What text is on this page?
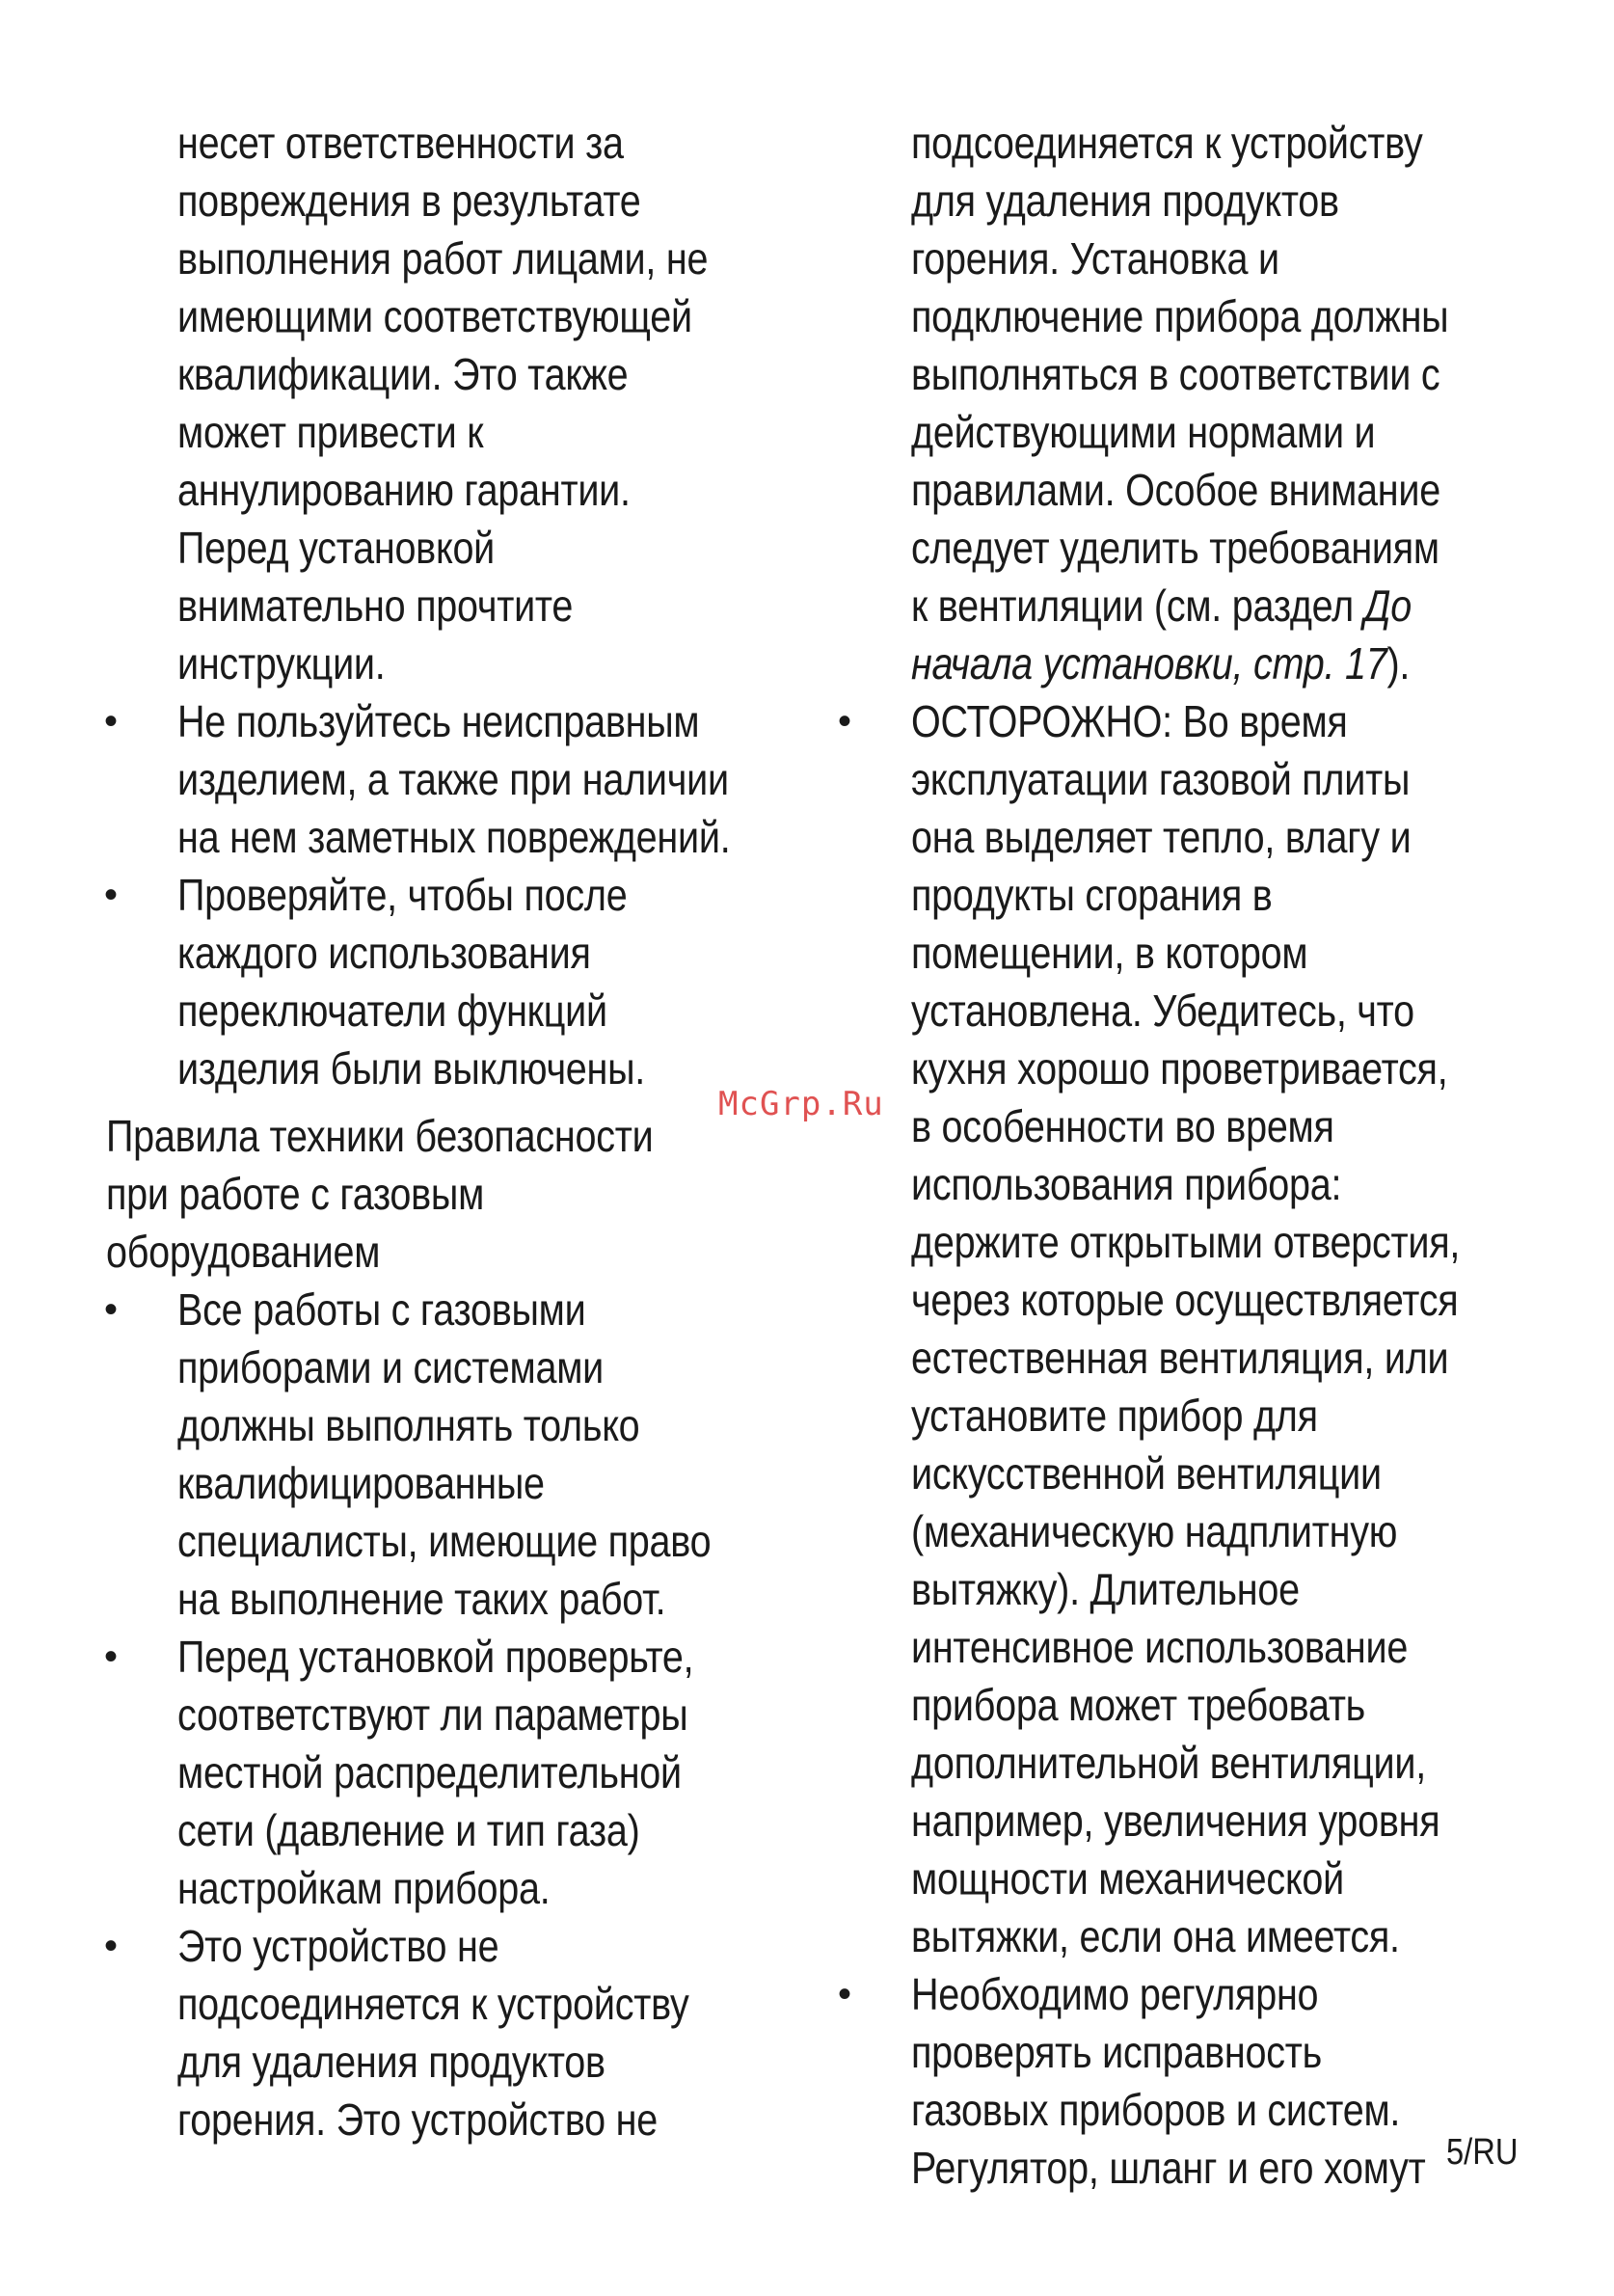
несет ответственности за
повреждения в результате
выполнения работ лицами, не
имеющими соответствующей
квалификации. Это также
может привести к
аннулированию гарантии.
Перед установкой
внимательно прочтите
инструкции.
• Не пользуйтесь неисправным
изделием, а также при наличии
на нем заметных повреждений.
• Проверяйте, чтобы после
каждого использования
переключатели функций
изделия были выключены.
Правила техники безопасности
при работе с газовым
оборудованием
• Все работы с газовыми
приборами и системами
должны выполнять только
квалифицированные
специалисты, имеющие право
на выполнение таких работ.
• Перед установкой проверьте,
соответствуют ли параметры
местной распределительной
сети (давление и тип газа)
настройкам прибора.
• Это устройство не
подсоединяется к устройству
для удаления продуктов
горения. Это устройство не
подсоединяется к устройству
для удаления продуктов
горения. Установка и
подключение прибора должны
выполняться в соответствии с
действующими нормами и
правилами. Особое внимание
следует уделить требованиям
к вентиляции (см. раздел До
начала установки, стр. 17).
• ОСТОРОЖНО: Во время
эксплуатации газовой плиты
она выделяет тепло, влагу и
продукты сгорания в
помещении, в котором
установлена. Убедитесь, что
кухня хорошо проветривается,
в особенности во время
использования прибора:
держите открытыми отверстия,
через которые осуществляется
естественная вентиляция, или
установите прибор для
искусственной вентиляции
(механическую надплитную
вытяжку). Длительное
интенсивное использование
прибора может требовать
дополнительной вентиляции,
например, увеличения уровня
мощности механической
вытяжки, если она имеется.
• Необходимо регулярно
проверять исправность
газовых приборов и систем.
Регулятор, шланг и его хомут
McGrp.Ru
5/RU
